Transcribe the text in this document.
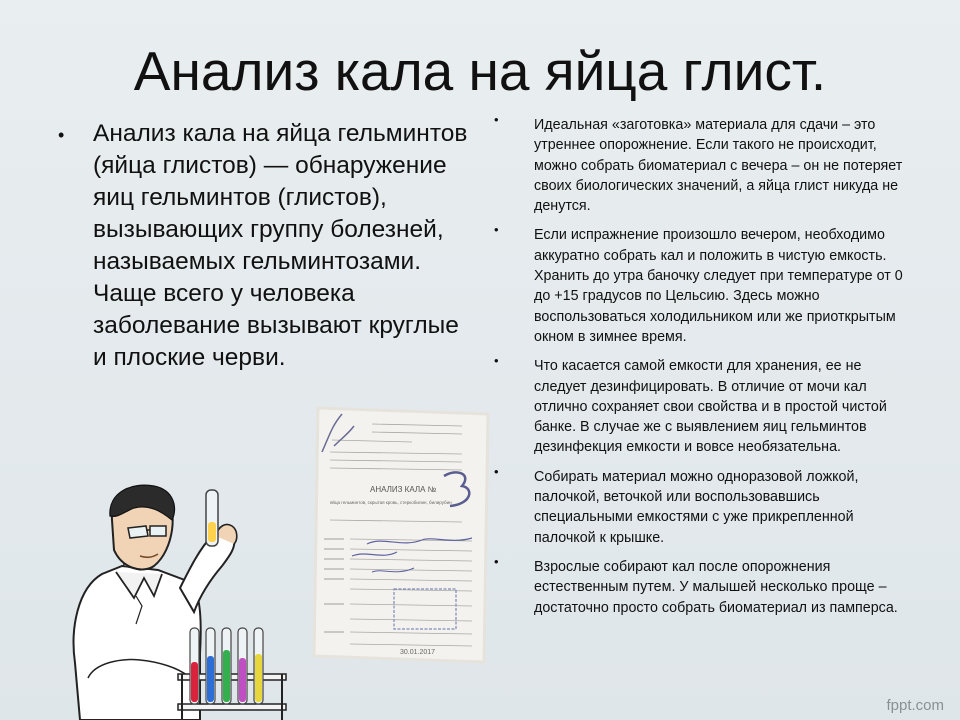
Анализ кала на яйца глист.
• Анализ кала на яйца гельминтов (яйца глистов) — обнаружение яиц гельминтов (глистов), вызывающих группу болезней, называемых гельминтозами. Чаще всего у человека заболевание вызывают круглые и плоские черви.
• Идеальная «заготовка» материала для сдачи – это утреннее опорожнение. Если такого не происходит, можно собрать биоматериал с вечера – он не потеряет своих биологических значений, а яйца глист никуда не денутся.
• Если испражнение произошло вечером, необходимо аккуратно собрать кал и положить в чистую емкость. Хранить до утра баночку следует при температуре от 0 до +15 градусов по Цельсию. Здесь можно воспользоваться холодильником или же приоткрытым окном в зимнее время.
• Что касается самой емкости для хранения, ее не следует дезинфицировать. В отличие от мочи кал отлично сохраняет свои свойства и в простой чистой банке. В случае же с выявлением яиц гельминтов дезинфекция емкости и вовсе необязательна.
• Собирать материал можно одноразовой ложкой, палочкой, веточкой или воспользовавшись специальными емкостями с уже прикрепленной палочкой к крышке.
• Взрослые собирают кал после опорожнения естественным путем. У малышей несколько проще – достаточно просто собрать биоматериал из памперса.
АНАЛИЗ КАЛА №
яйца гельминтов, скрытая кровь, стеркобилин, билирубин
3
30.01.2017
fppt.com
